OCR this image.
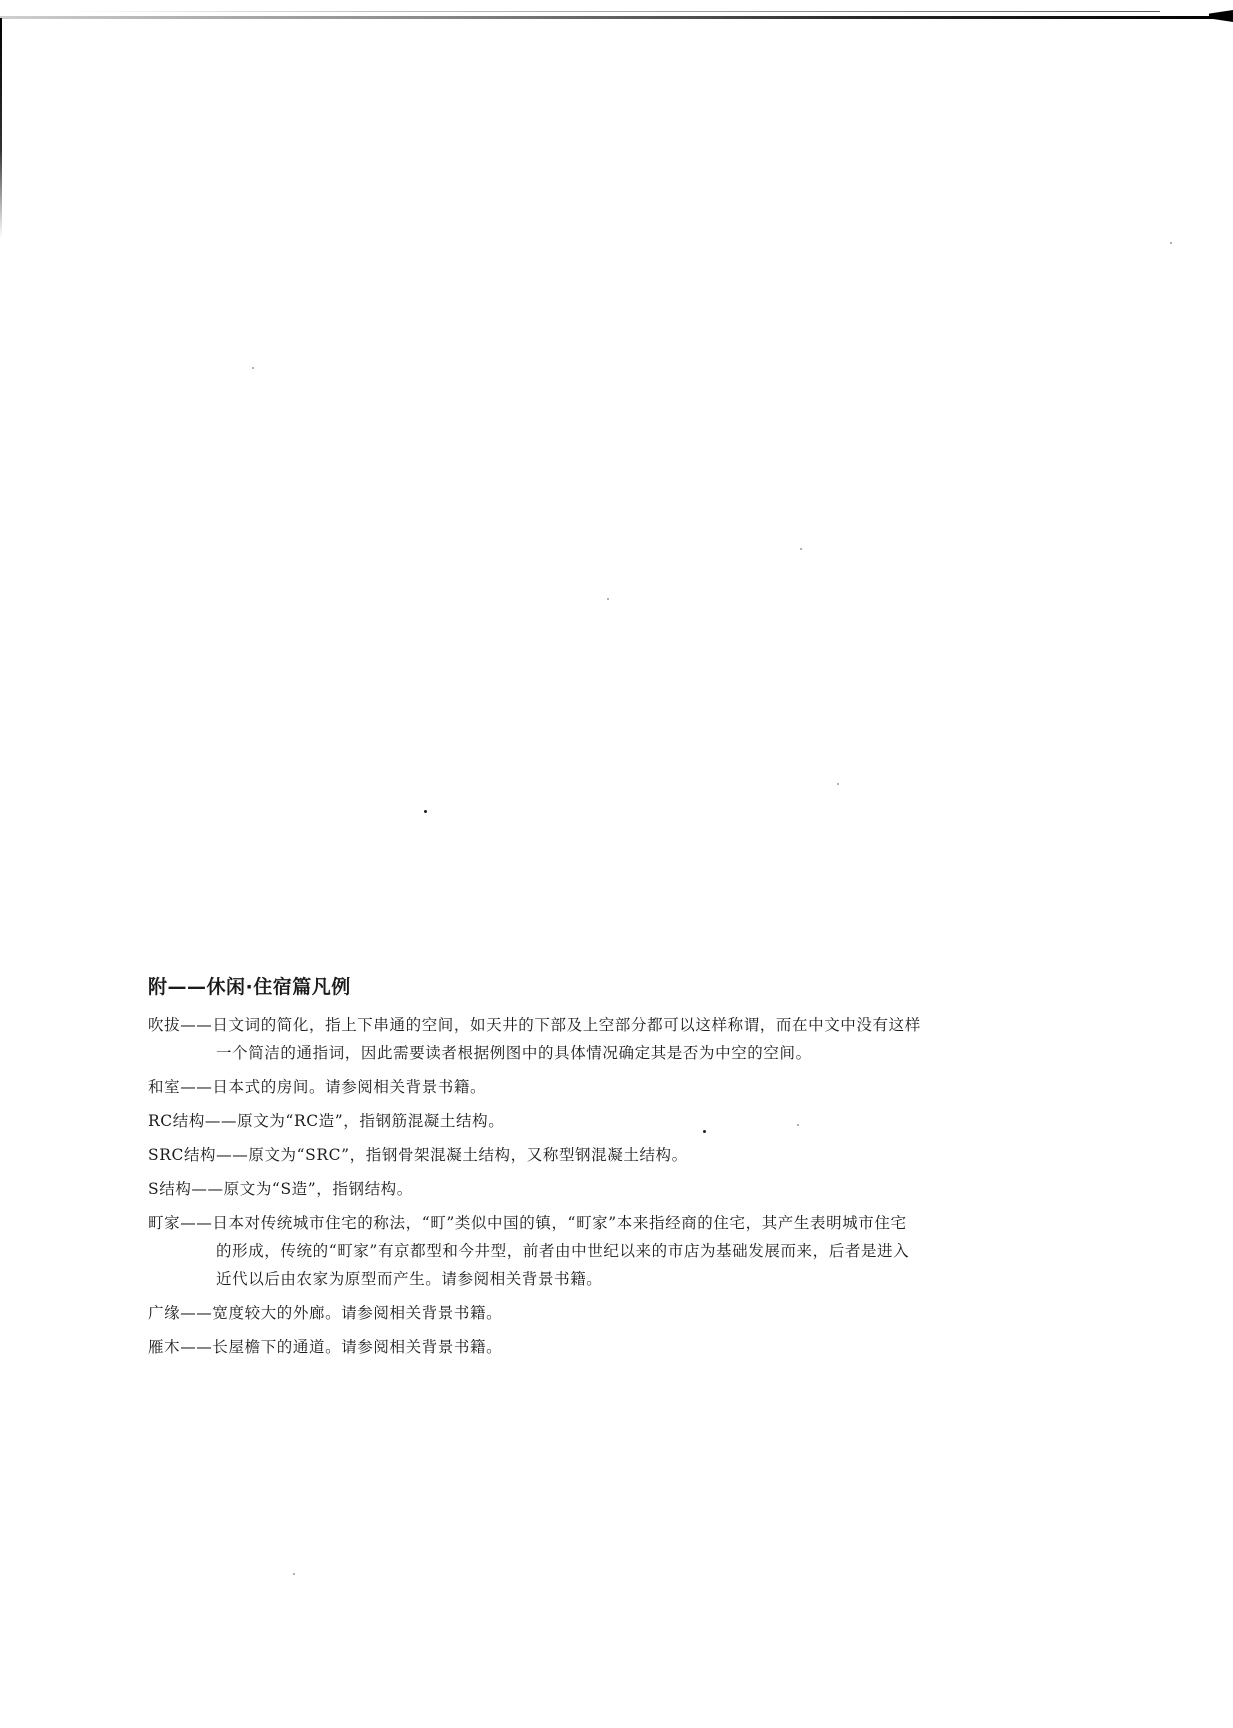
附——休闲·住宿篇凡例

吹拔——日文词的简化，指上下串通的空间，如天井的下部及上空部分都可以这样称谓，而在中文中没有这样
一个简洁的通指词，因此需要读者根据例图中的具体情况确定其是否为中空的空间。

和室——日本式的房间。请参阅相关背景书籍。

RC结构——原文为“RC造”，指钢筋混凝土结构。

SRC结构——原文为“SRC”，指钢骨架混凝土结构，又称型钢混凝土结构。

S结构——原文为“S造”，指钢结构。

町家——日本对传统城市住宅的称法，“町”类似中国的镇，“町家”本来指经商的住宅，其产生表明城市住宅
的形成，传统的“町家”有京都型和今井型，前者由中世纪以来的市店为基础发展而来，后者是进入
近代以后由农家为原型而产生。请参阅相关背景书籍。

广缘——宽度较大的外廊。请参阅相关背景书籍。

雁木——长屋檐下的通道。请参阅相关背景书籍。
